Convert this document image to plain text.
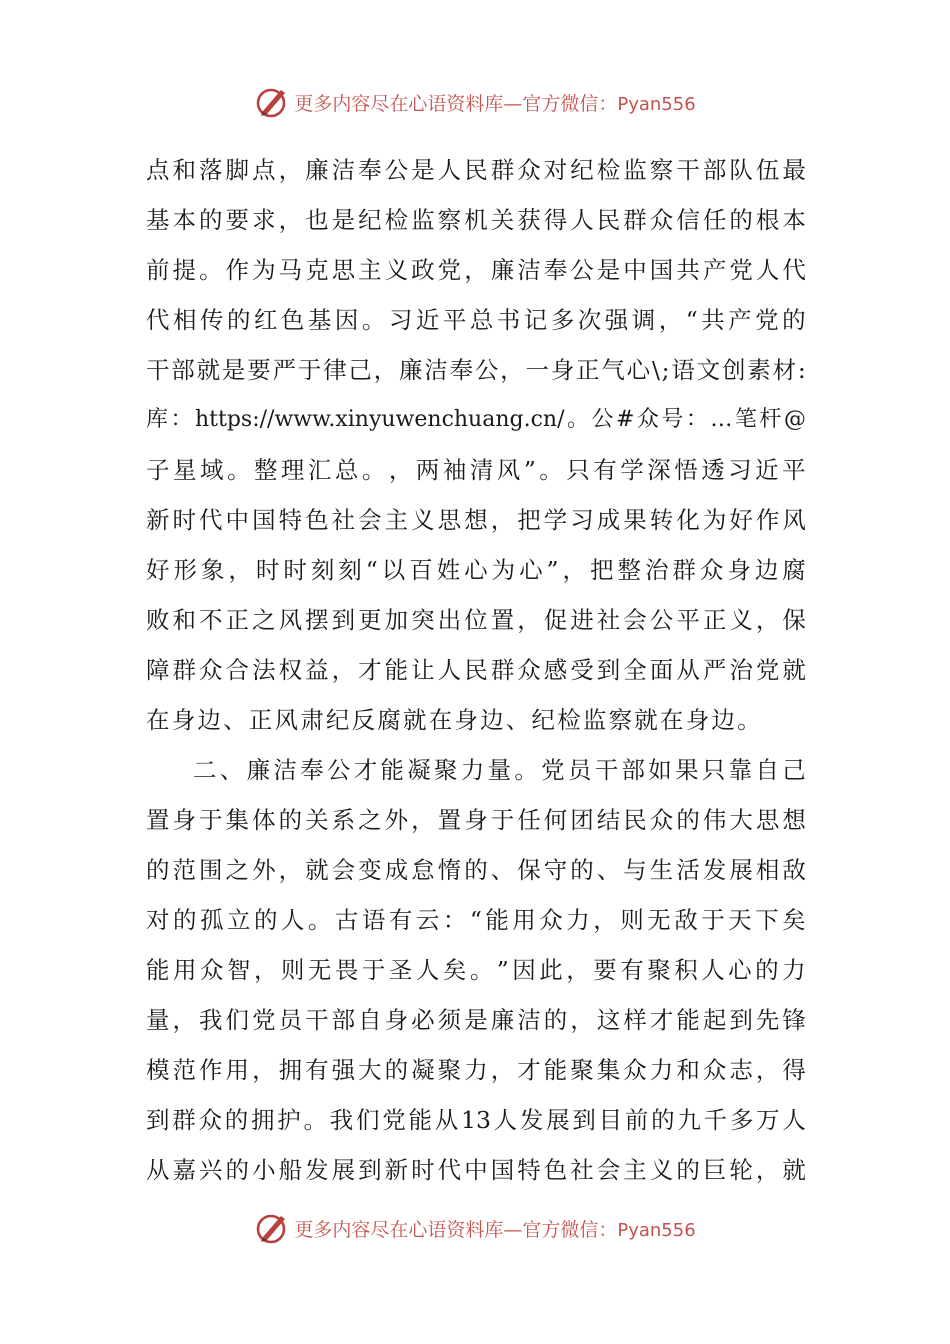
更多内容尽在心语资料库—官方微信：Pyan556
点 和 落 脚 点 ， 廉 洁 奉 公 是 人 民 群 众 对 纪 检 监 察 干 部 队 伍 最
基 本 的 要 求 ， 也 是 纪 检 监 察 机 关 获 得 人 民 群 众 信 任 的 根 本
前 提 。 作 为 马 克 思 主 义 政 党 ， 廉 洁 奉 公 是 中 国 共 产 党 人 代
代 相 传 的 红 色 基 因 。 习 近 平 总 书 记 多 次 强 调 ， “ 共 产 党 的
干 部 就 是 要 严 于 律 己 ， 廉 洁 奉 公 ， 一 身 正 气 心 \ ; 语 文 创 素 材 :
库 ： https://www.xinyuwenchuang.cn/ 。 公 # 众 号 ： … 笔 杆 @
子 星 域 。 整 理 汇 总 。 ， 两 袖 清 风 ” 。 只 有 学 深 悟 透 习 近 平
新 时 代 中 国 特 色 社 会 主 义 思 想 ， 把 学 习 成 果 转 化 为 好 作 风
好 形 象 ， 时 时 刻 刻 “ 以 百 姓 心 为 心 ” ， 把 整 治 群 众 身 边 腐
败 和 不 正 之 风 摆 到 更 加 突 出 位 置 ， 促 进 社 会 公 平 正 义 ， 保
障 群 众 合 法 权 益 ， 才 能 让 人 民 群 众 感 受 到 全 面 从 严 治 党 就
在身边、正风肃纪反腐就在身边、纪检监察就在身边。
二 、 廉 洁 奉 公 才 能 凝 聚 力 量 。 党 员 干 部 如 果 只 靠 自 己
置 身 于 集 体 的 关 系 之 外 ， 置 身 于 任 何 团 结 民 众 的 伟 大 思 想
的 范 围 之 外 ， 就 会 变 成 怠 惰 的 、 保 守 的 、 与 生 活 发 展 相 敌
对 的 孤 立 的 人 。 古 语 有 云 ： “ 能 用 众 力 ， 则 无 敌 于 天 下 矣
能 用 众 智 ， 则 无 畏 于 圣 人 矣 。 ” 因 此 ， 要 有 聚 积 人 心 的 力
量 ， 我 们 党 员 干 部 自 身 必 须 是 廉 洁 的 ， 这 样 才 能 起 到 先 锋
模 范 作 用 ， 拥 有 强 大 的 凝 聚 力 ， 才 能 聚 集 众 力 和 众 志 ， 得
到 群 众 的 拥 护 。 我 们 党 能 从 13 人 发 展 到 目 前 的 九 千 多 万 人
从 嘉 兴 的 小 船 发 展 到 新 时 代 中 国 特 色 社 会 主 义 的 巨 轮 ， 就
更多内容尽在心语资料库—官方微信：Pyan556
